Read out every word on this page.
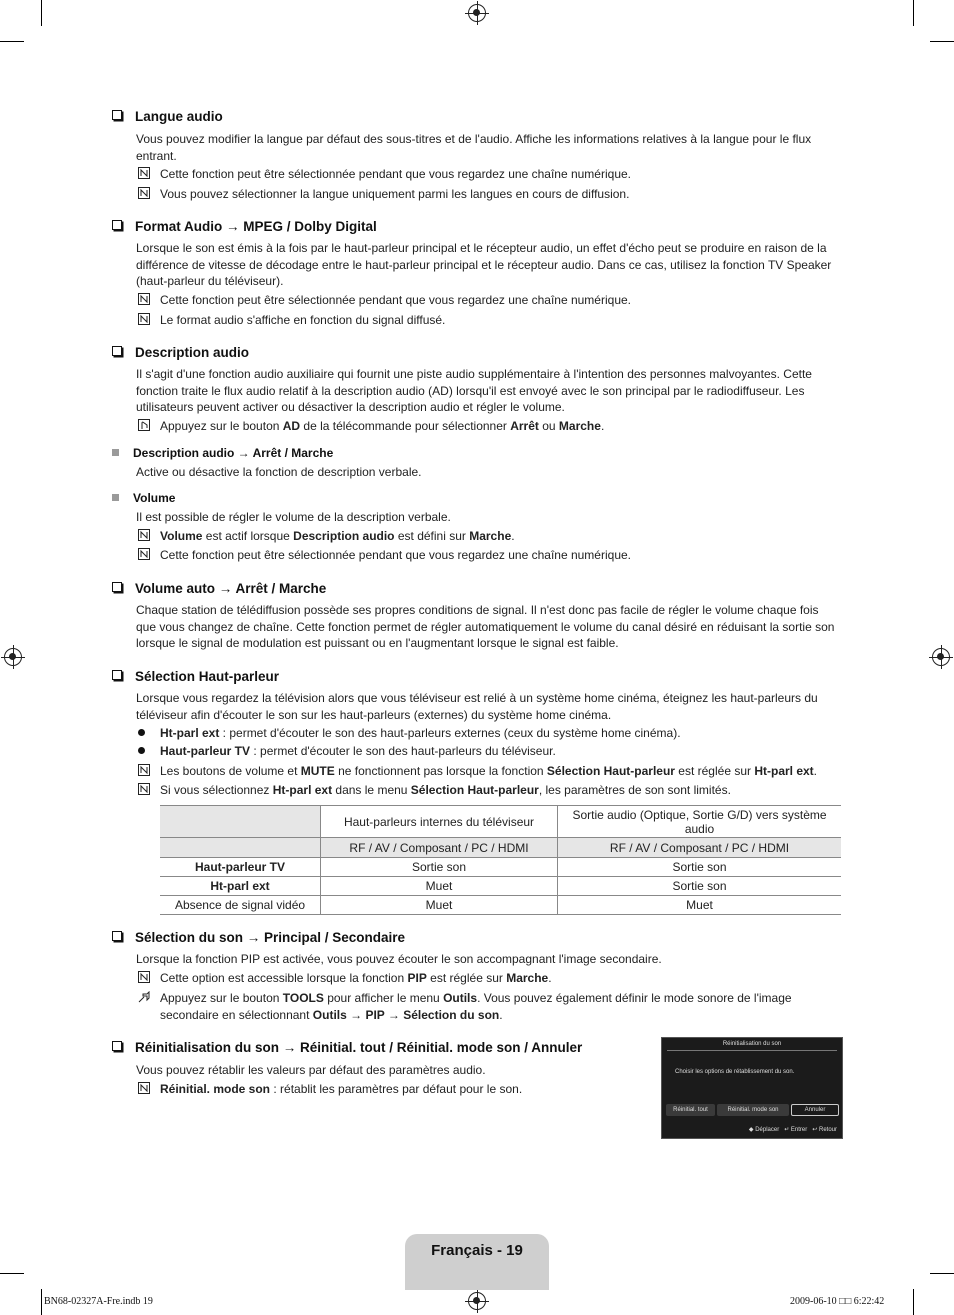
Langue audio
Vous pouvez modifier la langue par défaut des sous-titres et de l'audio. Affiche les informations relatives à la langue pour le flux entrant.
Cette fonction peut être sélectionnée pendant que vous regardez une chaîne numérique.
Vous pouvez sélectionner la langue uniquement parmi les langues en cours de diffusion.
Format Audio → MPEG / Dolby Digital
Lorsque le son est émis à la fois par le haut-parleur principal et le récepteur audio, un effet d'écho peut se produire en raison de la différence de vitesse de décodage entre le haut-parleur principal et le récepteur audio. Dans ce cas, utilisez la fonction TV Speaker (haut-parleur du téléviseur).
Cette fonction peut être sélectionnée pendant que vous regardez une chaîne numérique.
Le format audio s'affiche en fonction du signal diffusé.
Description audio
Il s'agit d'une fonction audio auxiliaire qui fournit une piste audio supplémentaire à l'intention des personnes malvoyantes. Cette fonction traite le flux audio relatif à la description audio (AD) lorsqu'il est envoyé avec le son principal par le radiodiffuseur. Les utilisateurs peuvent activer ou désactiver la description audio et régler le volume.
Appuyez sur le bouton AD de la télécommande pour sélectionner Arrêt ou Marche.
Description audio → Arrêt / Marche
Active ou désactive la fonction de description verbale.
Volume
Il est possible de régler le volume de la description verbale.
Volume est actif lorsque Description audio est défini sur Marche.
Cette fonction peut être sélectionnée pendant que vous regardez une chaîne numérique.
Volume auto → Arrêt / Marche
Chaque station de télédiffusion possède ses propres conditions de signal. Il n'est donc pas facile de régler le volume chaque fois que vous changez de chaîne. Cette fonction permet de régler automatiquement le volume du canal désiré en réduisant la sortie son lorsque le signal de modulation est puissant ou en l'augmentant lorsque le signal est faible.
Sélection Haut-parleur
Lorsque vous regardez la télévision alors que vous téléviseur est relié à un système home cinéma, éteignez les haut-parleurs du téléviseur afin d'écouter le son sur les haut-parleurs (externes) du système home cinéma.
Ht-parl ext : permet d'écouter le son des haut-parleurs externes (ceux du système home cinéma).
Haut-parleur TV : permet d'écouter le son des haut-parleurs du téléviseur.
Les boutons de volume et MUTE ne fonctionnent pas lorsque la fonction Sélection Haut-parleur est réglée sur Ht-parl ext.
Si vous sélectionnez Ht-parl ext dans le menu Sélection Haut-parleur, les paramètres de son sont limités.
	Haut-parleurs internes du téléviseur	Sortie audio (Optique, Sortie G/D) vers système audio
	RF / AV / Composant / PC / HDMI	RF / AV / Composant / PC / HDMI
Haut-parleur TV	Sortie son	Sortie son
Ht-parl ext	Muet	Sortie son
Absence de signal vidéo	Muet	Muet
Sélection du son → Principal / Secondaire
Lorsque la fonction PIP est activée, vous pouvez écouter le son accompagnant l'image secondaire.
Cette option est accessible lorsque la fonction PIP est réglée sur Marche.
Appuyez sur le bouton TOOLS pour afficher le menu Outils. Vous pouvez également définir le mode sonore de l'image secondaire en sélectionnant Outils → PIP → Sélection du son.
Réinitialisation du son → Réinitial. tout / Réinitial. mode son / Annuler
Vous pouvez rétablir les valeurs par défaut des paramètres audio.
Réinitial. mode son : rétablit les paramètres par défaut pour le son.
Réinitialisation du son
Choisir les options de rétablissement du son.
Réinitial. tout	Réinitial. mode son	Annuler
◆ Déplacer ↵ Entrer ↩ Retour
Français - 19
BN68-02327A-Fre.indb 19	2009-06-10 □□ 6:22:42
